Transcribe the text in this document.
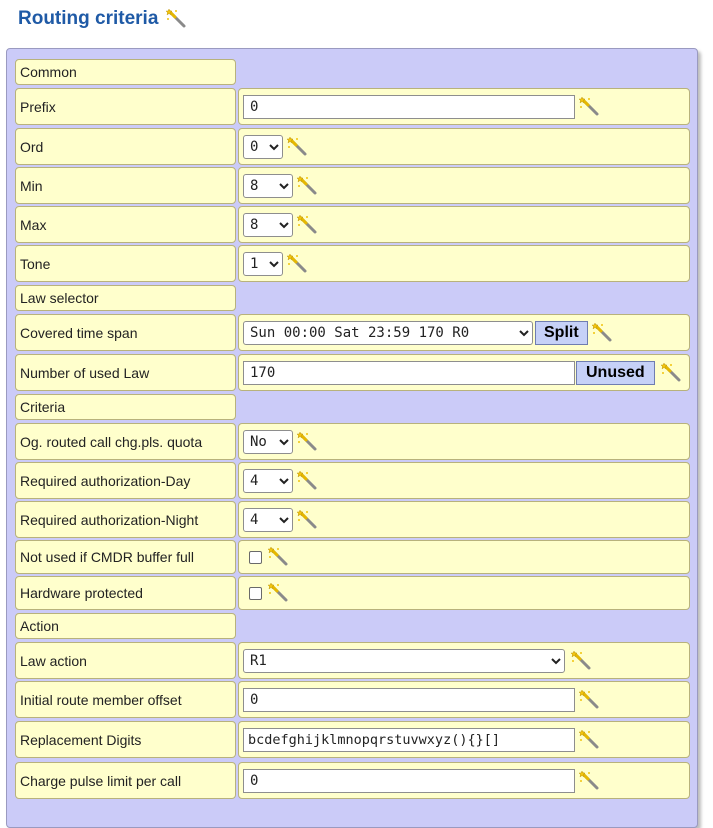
Routing criteria
Common
Prefix	0
Ord	0
Min	8
Max	8
Tone	1
Law selector
Covered time span	Sun 00:00 Sat 23:59 170 R0	Split
Number of used Law	170	Unused
Criteria
Og. routed call chg.pls. quota	No
Required authorization-Day	4
Required authorization-Night	4
Not used if CMDR buffer full
Hardware protected
Action
Law action	R1
Initial route member offset	0
Replacement Digits	bcdefghijklmnopqrstuvwxyz(){}[]
Charge pulse limit per call	0
